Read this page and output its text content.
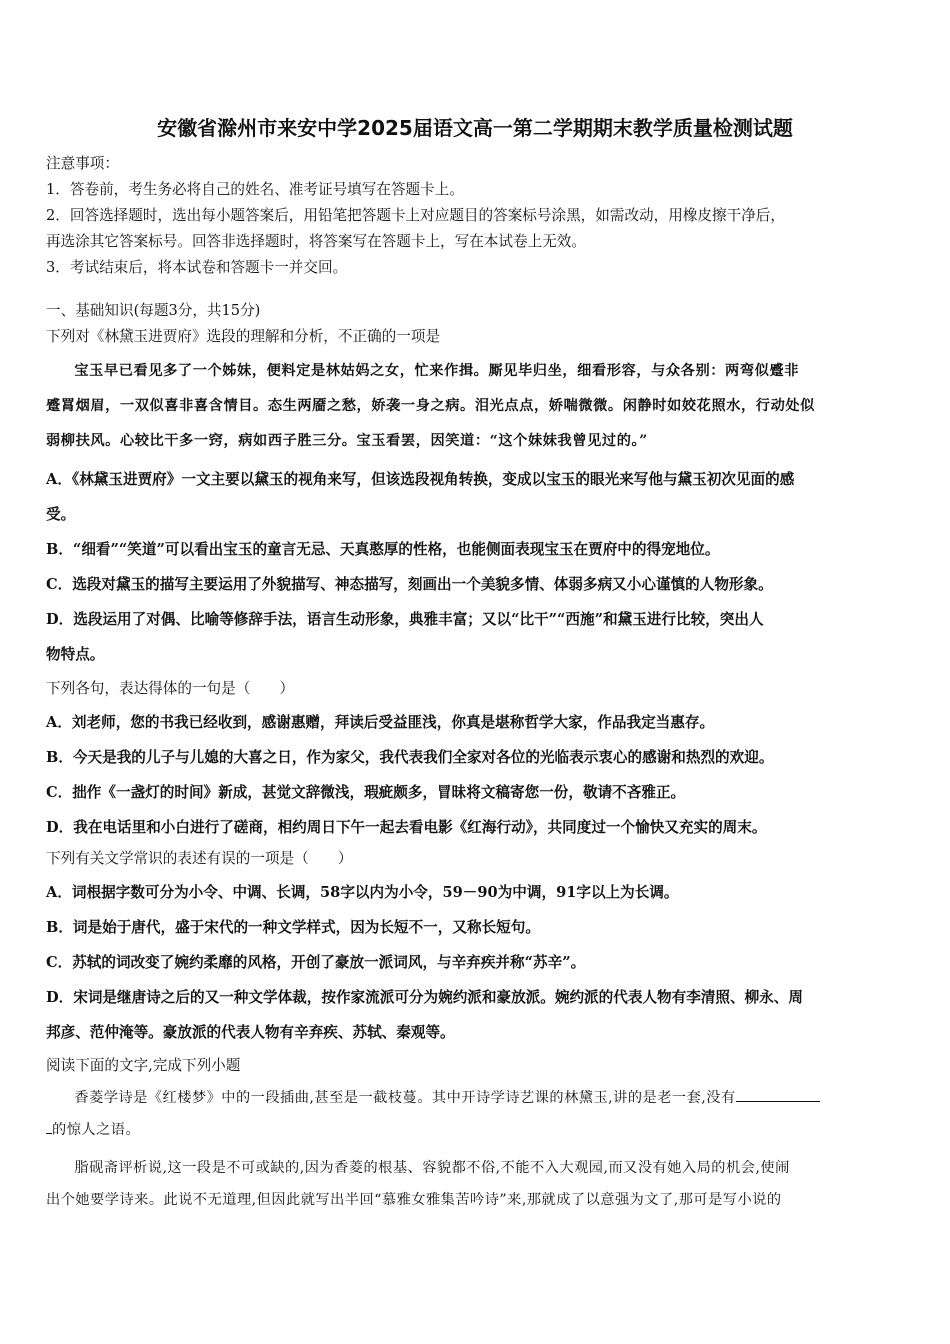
安徽省滁州市来安中学2025届语文高一第二学期期末教学质量检测试题
注意事项：
1．答卷前，考生务必将自己的姓名、准考证号填写在答题卡上。
2．回答选择题时，选出每小题答案后，用铅笔把答题卡上对应题目的答案标号涂黑，如需改动，用橡皮擦干净后，
再选涂其它答案标号。回答非选择题时，将答案写在答题卡上，写在本试卷上无效。
3．考试结束后，将本试卷和答题卡一并交回。
一、基础知识(每题3分，共15分)
下列对《林黛玉进贾府》选段的理解和分析，不正确的一项是
宝玉早已看见多了一个姊妹，便料定是林姑妈之女，忙来作揖。厮见毕归坐，细看形容，与众各别：两弯似蹙非
蹙罥烟眉，一双似喜非喜含情目。态生两靥之愁，娇袭一身之病。泪光点点，娇喘微微。闲静时如姣花照水，行动处似
弱柳扶风。心较比干多一窍，病如西子胜三分。宝玉看罢，因笑道：“这个妹妹我曾见过的。”
A．《林黛玉进贾府》一文主要以黛玉的视角来写，但该选段视角转换，变成以宝玉的眼光来写他与黛玉初次见面的感
受。
B．“细看”“笑道”可以看出宝玉的童言无忌、天真憨厚的性格，也能侧面表现宝玉在贾府中的得宠地位。
C．选段对黛玉的描写主要运用了外貌描写、神态描写，刻画出一个美貌多情、体弱多病又小心谨慎的人物形象。
D．选段运用了对偶、比喻等修辞手法，语言生动形象，典雅丰富；又以“比干”“西施”和黛玉进行比较，突出人
物特点。
下列各句，表达得体的一句是（　　）
A．刘老师，您的书我已经收到，感谢惠赠，拜读后受益匪浅，你真是堪称哲学大家，作品我定当惠存。
B．今天是我的儿子与儿媳的大喜之日，作为家父，我代表我们全家对各位的光临表示衷心的感谢和热烈的欢迎。
C．拙作《一盏灯的时间》新成，甚觉文辞微浅，瑕疵颇多，冒昧将文稿寄您一份，敬请不吝雅正。
D．我在电话里和小白进行了磋商，相约周日下午一起去看电影《红海行动》，共同度过一个愉快又充实的周末。
下列有关文学常识的表述有误的一项是（　　）
A．词根据字数可分为小令、中调、长调，58字以内为小令，59－90为中调，91字以上为长调。
B．词是始于唐代，盛于宋代的一种文学样式，因为长短不一，又称长短句。
C．苏轼的词改变了婉约柔靡的风格，开创了豪放一派词风，与辛弃疾并称“苏辛”。
D．宋词是继唐诗之后的又一种文学体裁，按作家流派可分为婉约派和豪放派。婉约派的代表人物有李清照、柳永、周
邦彦、范仲淹等。豪放派的代表人物有辛弃疾、苏轼、秦观等。
阅读下面的文字,完成下列小题
香菱学诗是《红楼梦》中的一段插曲,甚至是一截枝蔓。其中开诗学诗艺课的林黛玉,讲的是老一套,没有
的惊人之语。
脂砚斋评析说,这一段是不可或缺的,因为香菱的根基、容貌都不俗,不能不入大观园,而又没有她入局的机会,使闹
出个她要学诗来。此说不无道理,但因此就写出半回“慕雅女雅集苦吟诗”来,那就成了以意强为文了,那可是写小说的
